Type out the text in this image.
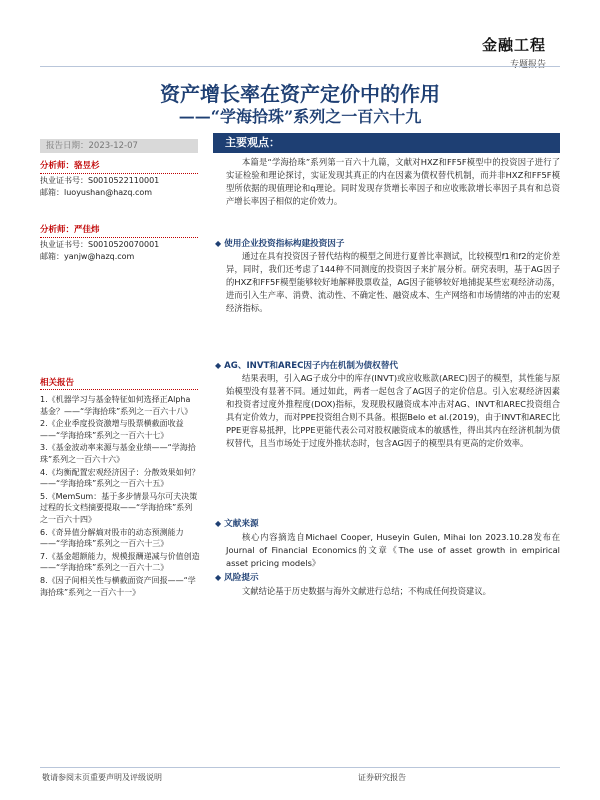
金融工程
专题报告
资产增长率在资产定价中的作用
——“学海拾珠”系列之一百六十九
报告日期：2023-12-07	主要观点：
分析师：骆昱杉
执业证书号：S0010522110001
邮箱：luoyushan@hazq.com
分析师：严佳炜
执业证书号：S0010520070001
邮箱：yanjw@hazq.com
相关报告
1.《机器学习与基金特征如何选择正Alpha 基金？——“学海拾珠”系列之一百六十八》
2.《企业季度投资激增与股票横截面收益——“学海拾珠”系列之一百六十七》
3.《基金波动率来源与基金业绩——“学海拾珠”系列之一百六十六》
4.《均衡配置宏观经济因子：分散效果如何？——“学海拾珠”系列之一百六十五》
5.《MemSum：基于多步情景马尔可夫决策过程的长文档摘要提取——“学海拾珠”系列之一百六十四》
6.《奇异值分解熵对股市的动态预测能力——“学海拾珠”系列之一百六十三》
7.《基金超额能力，规模报酬递减与价值创造——“学海拾珠”系列之一百六十二》
8.《因子间相关性与横截面资产回报——“学海拾珠”系列之一百六十一》

本篇是“学海拾珠”系列第一百六十九篇，文献对HXZ和FF5F模型中的投资因子进行了实证检验和理论探讨，实证发现其真正的内在因素为债权替代机制，而并非HXZ和FF5F模型所依据的现值理论和q理论。同时发现存货增长率因子和应收账款增长率因子具有和总资产增长率因子相似的定价效力。

◆ 使用企业投资指标构建投资因子

通过在具有投资因子替代结构的模型之间进行夏普比率测试，比较模型f1和f2的定价差异，同时，我们还考虑了144种不同测度的投资因子来扩展分析。研究表明，基于AG因子的HXZ和FF5F模型能够较好地解释股票收益，AG因子能够较好地捕捉某些宏观经济动荡，进而引入生产率、消费、流动性、不确定性、融资成本、生产网络和市场情绪的冲击的宏观经济指标。

◆ AG、INVT和AREC因子内在机制为债权替代

结果表明，引入AG子成分中的库存(INVT)或应收账款(AREC)因子的模型，其性能与原始模型没有显著不同。通过如此，两者一起包含了AG因子的定价信息。引入宏观经济因素和投资者过度外推程度(DOX)指标，发现股权融资成本冲击对AG、INVT和AREC投资组合具有定价效力，而对PPE投资组合则不具备。根据Belo et al.(2019)，由于INVT和AREC比PPE更容易抵押，比PPE更能代表公司对股权融资成本的敏感性，得出其内在经济机制为债权替代，且当市场处于过度外推状态时，包含AG因子的模型具有更高的定价效率。

◆ 文献来源

核心内容摘选自Michael Cooper, Huseyin Gulen, Mihai Ion 2023.10.28发布在Journal of Financial Economics的文章《The use of asset growth in empirical asset pricing models》

◆ 风险提示

文献结论基于历史数据与海外文献进行总结；不构成任何投资建议。

敬请参阅末页重要声明及评级说明	证券研究报告
